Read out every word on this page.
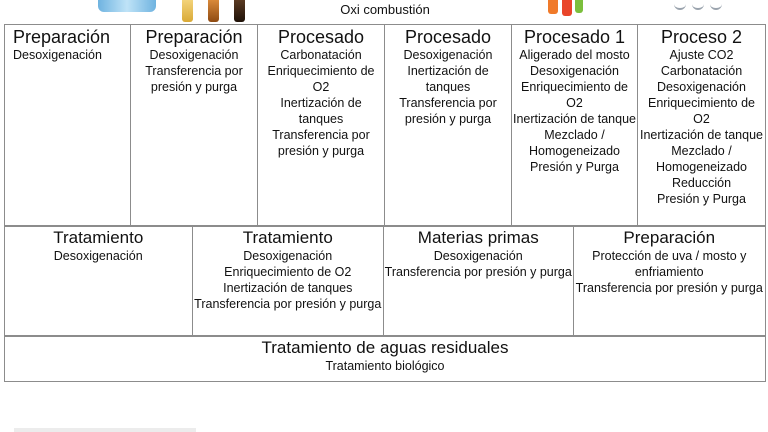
Oxi combustión
Preparación
Desoxigenación
Preparación
Desoxigenación
Transferencia por presión y purga
Procesado
Carbonatación
Enriquecimiento de O2
Inertización de tanques
Transferencia por presión y purga
Procesado
Desoxigenación
Inertización de tanques
Transferencia por presión y purga
Procesado 1
Aligerado del mosto
Desoxigenación
Enriquecimiento de O2
Inertización de tanque
Mezclado / Homogeneizado
Presión y Purga
Proceso 2
Ajuste CO2
Carbonatación
Desoxigenación
Enriquecimiento de O2
Inertización de tanque
Mezclado / Homogeneizado
Reducción
Presión y Purga
Tratamiento
Desoxigenación
Tratamiento
Desoxigenación
Enriquecimiento de O2
Inertización de tanques
Transferencia por presión y purga
Materias primas
Desoxigenación
Transferencia por presión y purga
Preparación
Protección de uva / mosto y enfriamiento
Transferencia por presión y purga
Tratamiento de aguas residuales
Tratamiento biológico
